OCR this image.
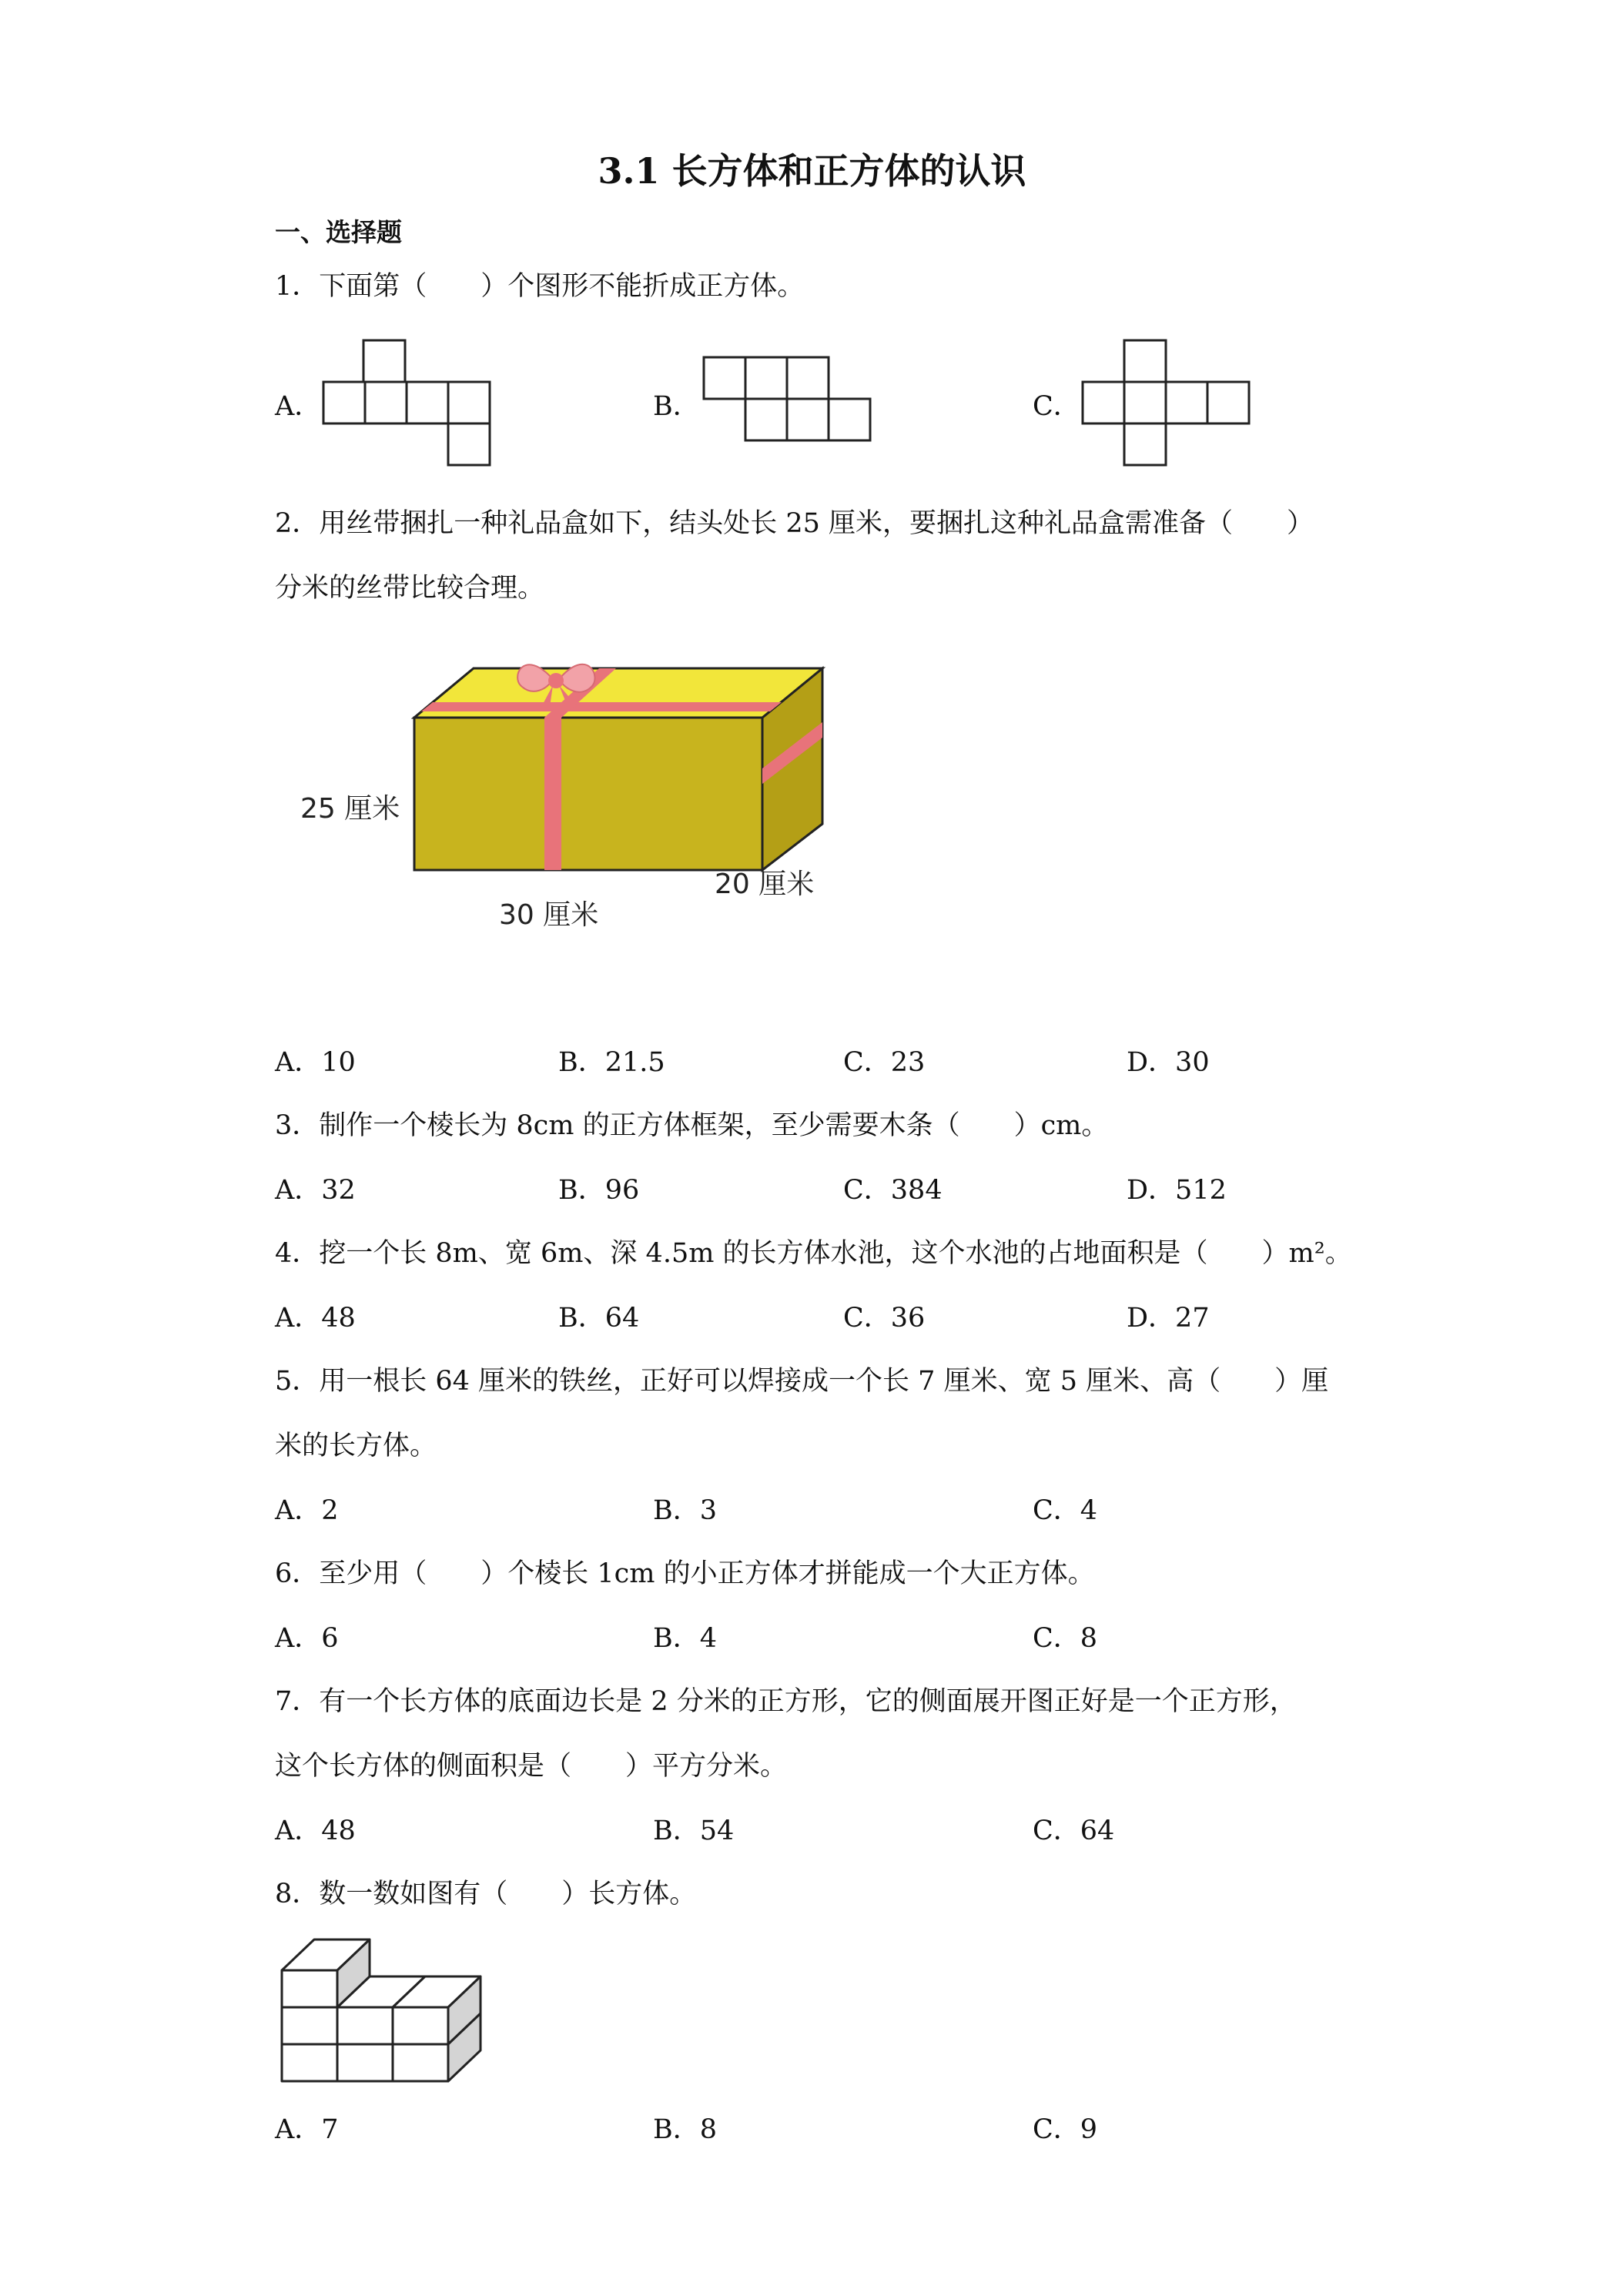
3.1 长方体和正方体的认识
一、选择题
1．下面第（　　）个图形不能折成正方体。
A．	B．	C．
2．用丝带捆扎一种礼品盒如下，结头处长 25 厘米，要捆扎这种礼品盒需准备（　　）
分米的丝带比较合理。
25 厘米
30 厘米
20 厘米
A．10	B．21.5	C．23	D．30
3．制作一个棱长为 8cm 的正方体框架，至少需要木条（　　）cm。
A．32	B．96	C．384	D．512
4．挖一个长 8m、宽 6m、深 4.5m 的长方体水池，这个水池的占地面积是（　　）m²。
A．48	B．64	C．36	D．27
5．用一根长 64 厘米的铁丝，正好可以焊接成一个长 7 厘米、宽 5 厘米、高（　　）厘
米的长方体。
A．2	B．3	C．4
6．至少用（　　）个棱长 1cm 的小正方体才拼能成一个大正方体。
A．6	B．4	C．8
7．有一个长方体的底面边长是 2 分米的正方形，它的侧面展开图正好是一个正方形，
这个长方体的侧面积是（　　）平方分米。
A．48	B．54	C．64
8．数一数如图有（　　）长方体。
A．7	B．8	C．9
